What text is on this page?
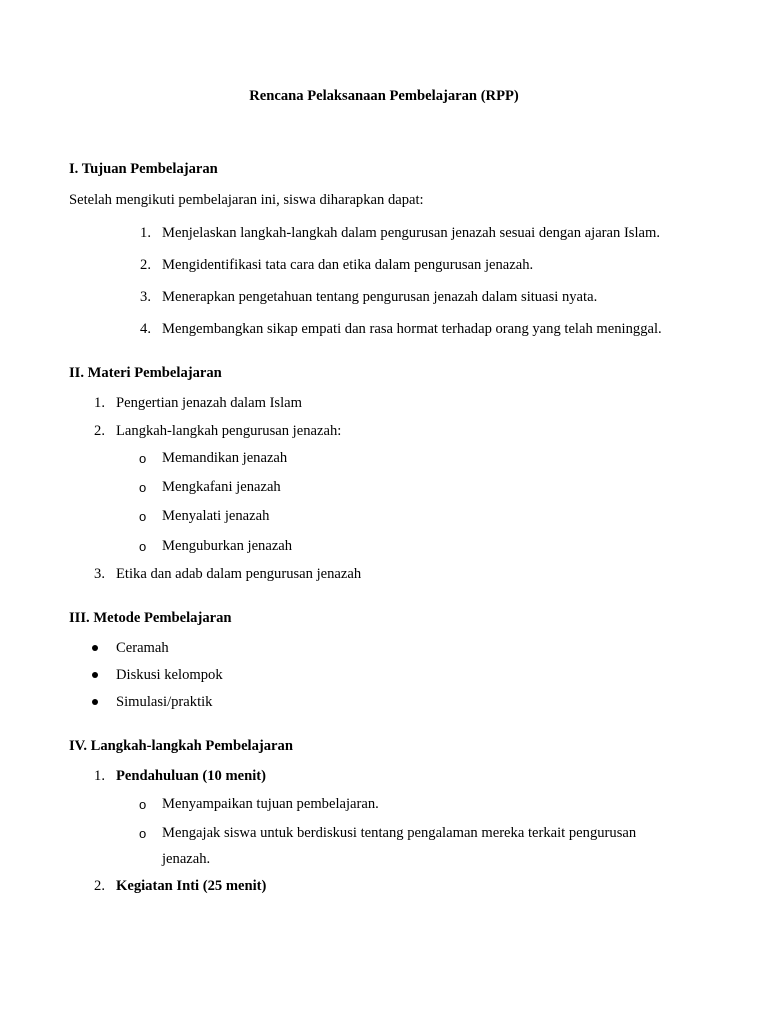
Rencana Pelaksanaan Pembelajaran (RPP)
I. Tujuan Pembelajaran
Setelah mengikuti pembelajaran ini, siswa diharapkan dapat:
1. Menjelaskan langkah-langkah dalam pengurusan jenazah sesuai dengan ajaran Islam.
2. Mengidentifikasi tata cara dan etika dalam pengurusan jenazah.
3. Menerapkan pengetahuan tentang pengurusan jenazah dalam situasi nyata.
4. Mengembangkan sikap empati dan rasa hormat terhadap orang yang telah meninggal.
II. Materi Pembelajaran
1. Pengertian jenazah dalam Islam
2. Langkah-langkah pengurusan jenazah:
o Memandikan jenazah
o Mengkafani jenazah
o Menyalati jenazah
o Menguburkan jenazah
3. Etika dan adab dalam pengurusan jenazah
III. Metode Pembelajaran
Ceramah
Diskusi kelompok
Simulasi/praktik
IV. Langkah-langkah Pembelajaran
1. Pendahuluan (10 menit)
o Menyampaikan tujuan pembelajaran.
o Mengajak siswa untuk berdiskusi tentang pengalaman mereka terkait pengurusan
jenazah.
2. Kegiatan Inti (25 menit)
